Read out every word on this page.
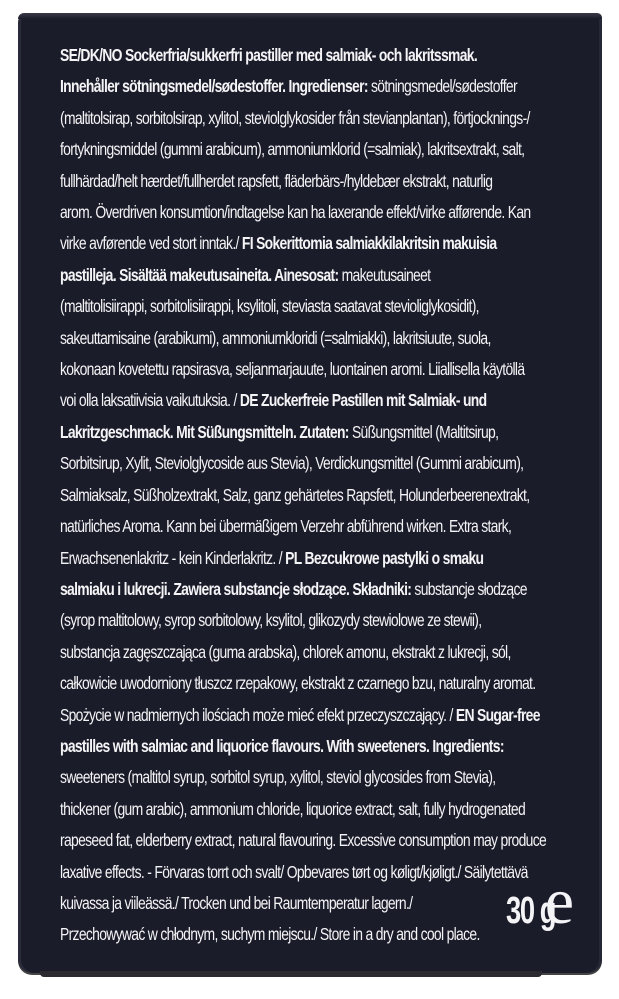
SE/DK/NO Sockerfria/sukkerfri pastiller med salmiak- och lakritssmak.
Innehåller sötningsmedel/sødestoffer. Ingredienser: sötningsmedel/sødestoffer
(maltitolsirap, sorbitolsirap, xylitol, steviolglykosider från stevianplantan), förtjocknings-/
fortykningsmiddel (gummi arabicum), ammoniumklorid (=salmiak), lakritsextrakt, salt,
fullhärdad/helt hærdet/fullherdet rapsfett, fläderbärs-/hyldebær ekstrakt, naturlig
arom. Överdriven konsumtion/indtagelse kan ha laxerande effekt/virke afførende. Kan
virke avførende ved stort inntak./ FI Sokerittomia salmiakkilakritsin makuisia
pastilleja. Sisältää makeutusaineita. Ainesosat: makeutusaineet
(maltitolisiirappi, sorbitolisiirappi, ksylitoli, steviasta saatavat stevioliglykosidit),
sakeuttamisaine (arabikumi), ammoniumkloridi (=salmiakki), lakritsiuute, suola,
kokonaan kovetettu rapsirasva, seljanmarjauute, luontainen aromi. Liiallisella käytöllä
voi olla laksatiivisia vaikutuksia. / DE Zuckerfreie Pastillen mit Salmiak- und
Lakritzgeschmack. Mit Süßungsmitteln. Zutaten: Süßungsmittel (Maltitsirup,
Sorbitsirup, Xylit, Steviolglycoside aus Stevia), Verdickungsmittel (Gummi arabicum),
Salmiaksalz, Süßholzextrakt, Salz, ganz gehärtetes Rapsfett, Holunderbeerenextrakt,
natürliches Aroma. Kann bei übermäßigem Verzehr abführend wirken. Extra stark,
Erwachsenenlakritz - kein Kinderlakritz. / PL Bezcukrowe pastylki o smaku
salmiaku i lukrecji. Zawiera substancje słodzące. Składniki: substancje słodzące
(syrop maltitolowy, syrop sorbitolowy, ksylitol, glikozydy stewiolowe ze stewii),
substancja zagęszczająca (guma arabska), chlorek amonu, ekstrakt z lukrecji, sól,
całkowicie uwodorniony tłuszcz rzepakowy, ekstrakt z czarnego bzu, naturalny aromat.
Spożycie w nadmiernych ilościach może mieć efekt przeczyszczający. / EN Sugar-free
pastilles with salmiac and liquorice flavours. With sweeteners. Ingredients:
sweeteners (maltitol syrup, sorbitol syrup, xylitol, steviol glycosides from Stevia),
thickener (gum arabic), ammonium chloride, liquorice extract, salt, fully hydrogenated
rapeseed fat, elderberry extract, natural flavouring. Excessive consumption may produce
laxative effects. - Förvaras torrt och svalt/ Opbevares tørt og køligt/kjøligt./ Säilytettävä
kuivassa ja viileässä./ Trocken und bei Raumtemperatur lagern./
Przechowywać w chłodnym, suchym miejscu./ Store in a dry and cool place.
30 g
e
